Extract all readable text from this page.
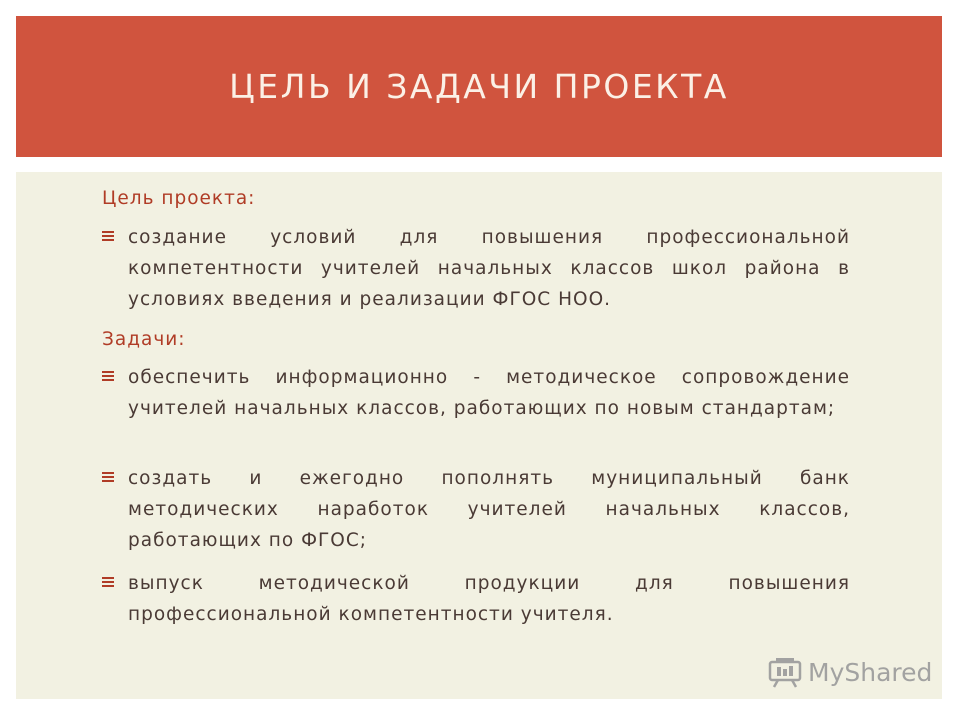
ЦЕЛЬ И ЗАДАЧИ ПРОЕКТА
Цель проекта:
создание условий для повышения профессиональной компетентности учителей начальных классов школ района в условиях введения и реализации ФГОС НОО.
Задачи:
обеспечить информационно - методическое сопровождение учителей начальных классов, работающих по новым стандартам;
создать и ежегодно пополнять муниципальный банк методических наработок учителей начальных классов, работающих по ФГОС;
выпуск методической продукции для повышения профессиональной компетентности учителя.
MyShared
